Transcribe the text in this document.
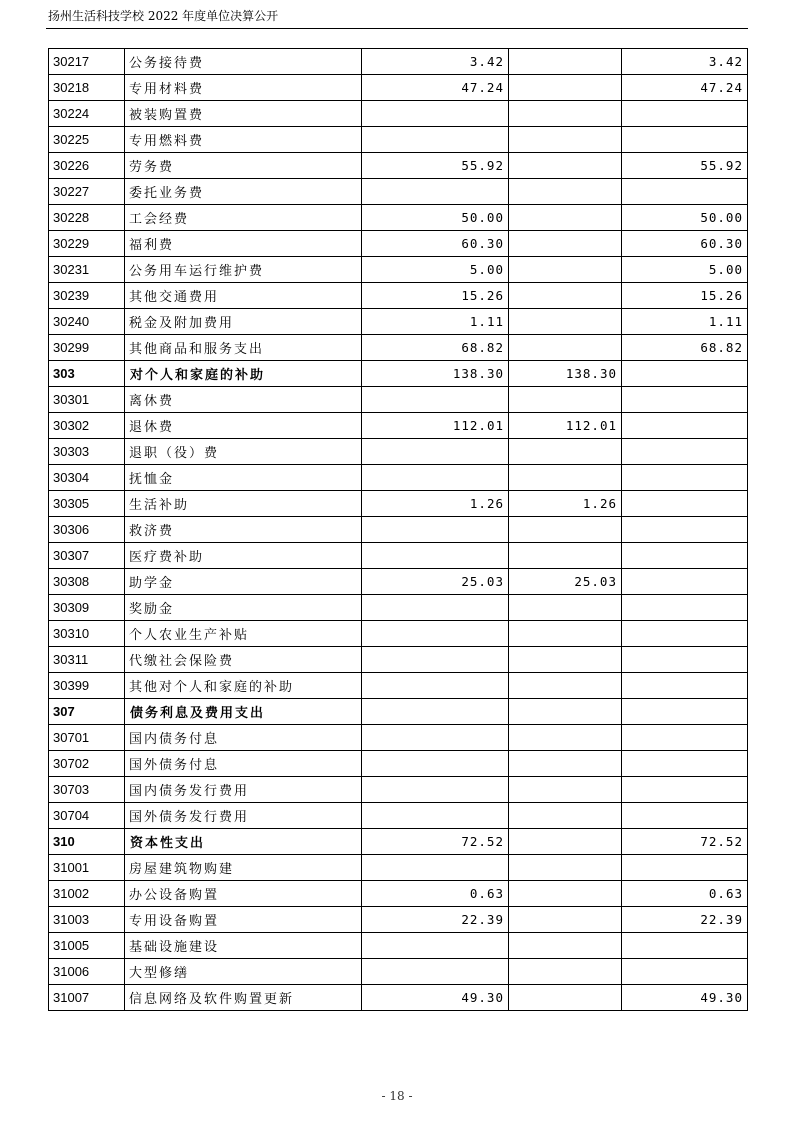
扬州生活科技学校 2022 年度单位决算公开
30217	公务接待费	3.42		3.42
30218	专用材料费	47.24		47.24
30224	被装购置费			
30225	专用燃料费			
30226	劳务费	55.92		55.92
30227	委托业务费			
30228	工会经费	50.00		50.00
30229	福利费	60.30		60.30
30231	公务用车运行维护费	5.00		5.00
30239	其他交通费用	15.26		15.26
30240	税金及附加费用	1.11		1.11
30299	其他商品和服务支出	68.82		68.82
303	对个人和家庭的补助	138.30	138.30	
30301	离休费			
30302	退休费	112.01	112.01	
30303	退职（役）费			
30304	抚恤金			
30305	生活补助	1.26	1.26	
30306	救济费			
30307	医疗费补助			
30308	助学金	25.03	25.03	
30309	奖励金			
30310	个人农业生产补贴			
30311	代缴社会保险费			
30399	其他对个人和家庭的补助			
307	债务利息及费用支出			
30701	国内债务付息			
30702	国外债务付息			
30703	国内债务发行费用			
30704	国外债务发行费用			
310	资本性支出	72.52		72.52
31001	房屋建筑物购建			
31002	办公设备购置	0.63		0.63
31003	专用设备购置	22.39		22.39
31005	基础设施建设			
31006	大型修缮			
31007	信息网络及软件购置更新	49.30		49.30
- 18 -
